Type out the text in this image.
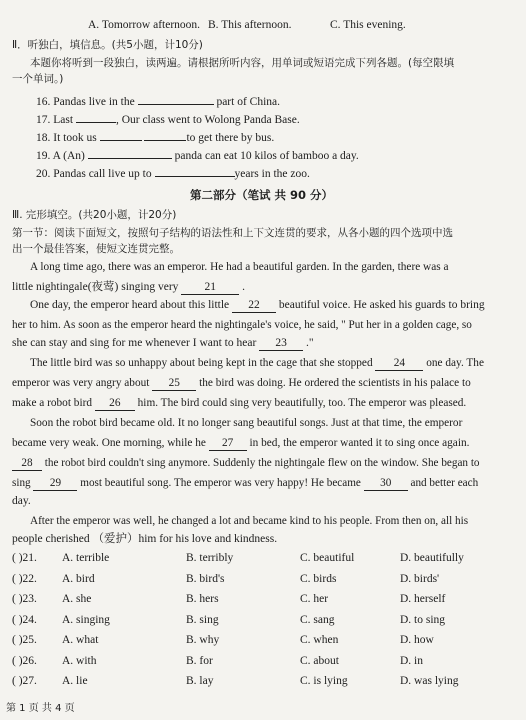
A. Tomorrow afternoon. B. This afternoon.	C. This evening.
Ⅱ．听独白，填信息。(共5小题，计10分)
本题你将听到一段独白，读两遍。请根据所听内容，用单词或短语完成下列各题。(每空限填
一个单词。)
16. Pandas live in the	part of China.
17. Last	, Our class went to Wolong Panda Base.
18. It took us	to get there by bus.
19. A (An)	panda can eat 10 kilos of bamboo a day.
20. Pandas call live up to	years in the zoo.
第二部分（笔试 共 90 分）
Ⅲ. 完形填空。(共20小题，计20分)
第一节：阅读下面短文，按照句子结构的语法性和上下文连贯的要求，从各小题的四个选项中选
出一个最佳答案，使短文连贯完整。
A long time ago, there was an emperor. He had a beautiful garden. In the garden, there was a
little nightingale(夜莺) singing very 21 .
One day, the emperor heard about this little 22 beautiful voice. He asked his guards to bring
her to him. As soon as the emperor heard the nightingale's voice, he said, " Put her in a golden cage, so
she can stay and sing for me whenever I want to hear 23 ."
The little bird was so unhappy about being kept in the cage that she stopped 24 one day. The
emperor was very angry about 25 the bird was doing. He ordered the scientists in his palace to
make a robot bird 26 him. The bird could sing very beautifully, too. The emperor was pleased.
Soon the robot bird became old. It no longer sang beautiful songs. Just at that time, the emperor
became very weak. One morning, while he 27 in bed, the emperor wanted it to sing once again.
28 the robot bird couldn't sing anymore. Suddenly the nightingale flew on the window. She began to
sing 29 most beautiful song. The emperor was very happy! He became 30 and better each
day.
After the emperor was well, he changed a lot and became kind to his people. From then on, all his
people cherished （爱护）him for his love and kindness.
( )21. A. terrible	B. terribly	C. beautiful	D. beautifully
( )22. A. bird	B. bird's	C. birds	D. birds'
( )23. A. she	B. hers	C. her	D. herself
( )24. A. singing	B. sing	C. sang	D. to sing
( )25. A. what	B. why	C. when	D. how
( )26. A. with	B. for	C. about	D. in
( )27. A. lie	B. lay	C. is lying	D. was lying
第 1 页 共 4 页
